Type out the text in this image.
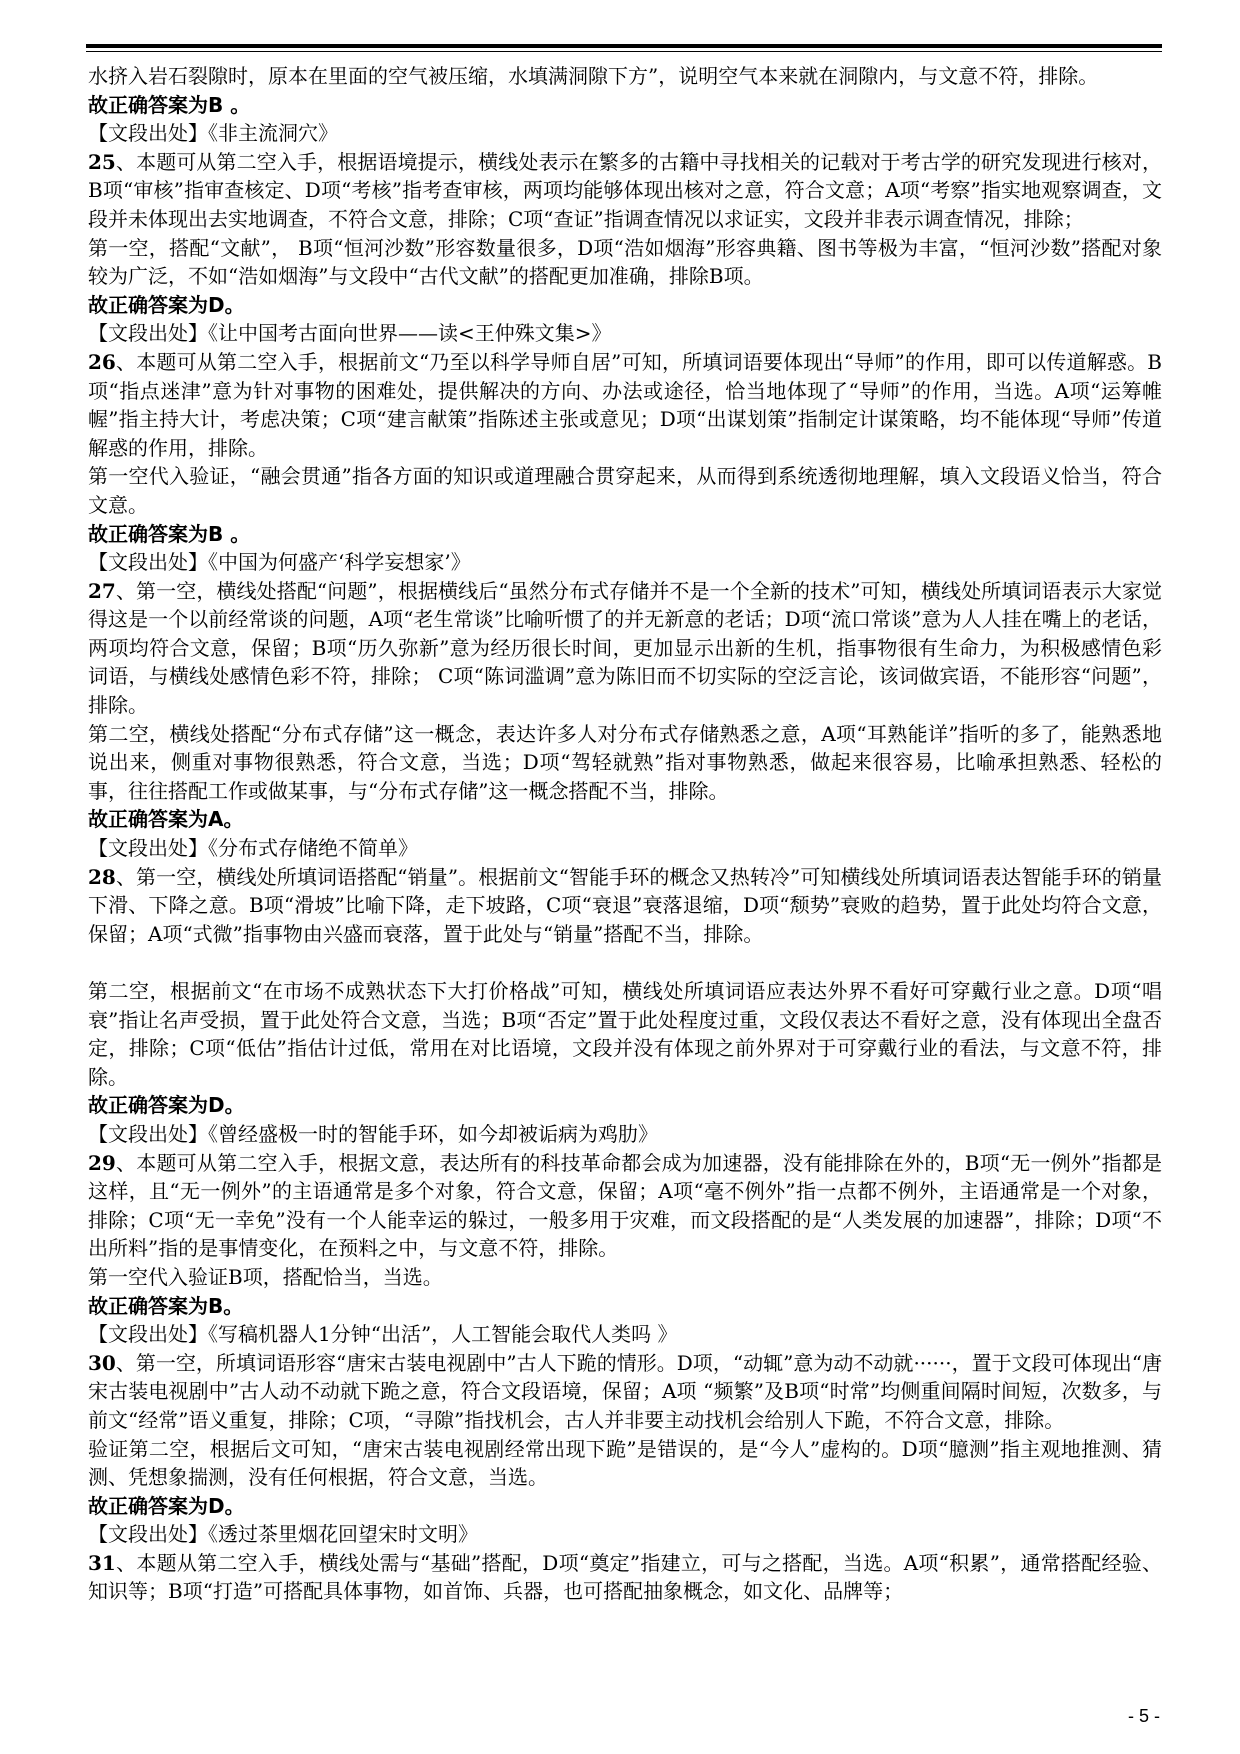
水挤入岩石裂隙时，原本在里面的空气被压缩，水填满洞隙下方”，说明空气本来就在洞隙内，与文意不符，排除。
故正确答案为B 。
【文段出处】《非主流洞穴》
25、本题可从第二空入手，根据语境提示，横线处表示在繁多的古籍中寻找相关的记载对于考古学的研究发现进行核对，B项“审核”指审查核定、D项“考核”指考查审核，两项均能够体现出核对之意，符合文意；A项“考察”指实地观察调查，文段并未体现出去实地调查，不符合文意，排除；C项“查证”指调查情况以求证实，文段并非表示调查情况，排除；
第一空，搭配“文献”， B项“恒河沙数”形容数量很多，D项“浩如烟海”形容典籍、图书等极为丰富，“恒河沙数”搭配对象较为广泛，不如“浩如烟海”与文段中“古代文献”的搭配更加准确，排除B项。
故正确答案为D。
【文段出处】《让中国考古面向世界——读<王仲殊文集>》
26、本题可从第二空入手，根据前文“乃至以科学导师自居”可知，所填词语要体现出“导师”的作用，即可以传道解惑。B项“指点迷津”意为针对事物的困难处，提供解决的方向、办法或途径，恰当地体现了“导师”的作用，当选。A项“运筹帷幄”指主持大计，考虑决策；C项“建言献策”指陈述主张或意见；D项“出谋划策”指制定计谋策略，均不能体现“导师”传道解惑的作用，排除。
第一空代入验证，“融会贯通”指各方面的知识或道理融合贯穿起来，从而得到系统透彻地理解，填入文段语义恰当，符合文意。
故正确答案为B 。
【文段出处】《中国为何盛产‘科学妄想家’》
27、第一空，横线处搭配“问题”，根据横线后“虽然分布式存储并不是一个全新的技术”可知，横线处所填词语表示大家觉得这是一个以前经常谈的问题，A项“老生常谈”比喻听惯了的并无新意的老话；D项“流口常谈”意为人人挂在嘴上的老话，两项均符合文意，保留；B项“历久弥新”意为经历很长时间，更加显示出新的生机，指事物很有生命力，为积极感情色彩词语，与横线处感情色彩不符，排除； C项“陈词滥调”意为陈旧而不切实际的空泛言论，该词做宾语，不能形容“问题”，排除。
第二空，横线处搭配“分布式存储”这一概念，表达许多人对分布式存储熟悉之意，A项“耳熟能详”指听的多了，能熟悉地说出来，侧重对事物很熟悉，符合文意，当选；D项“驾轻就熟”指对事物熟悉，做起来很容易，比喻承担熟悉、轻松的事，往往搭配工作或做某事，与“分布式存储”这一概念搭配不当，排除。
故正确答案为A。
【文段出处】《分布式存储绝不简单》
28、第一空，横线处所填词语搭配“销量”。根据前文“智能手环的概念又热转冷”可知横线处所填词语表达智能手环的销量下滑、下降之意。B项“滑坡”比喻下降，走下坡路，C项“衰退”衰落退缩，D项“颓势”衰败的趋势，置于此处均符合文意，保留；A项“式微”指事物由兴盛而衰落，置于此处与“销量”搭配不当，排除。
第二空，根据前文“在市场不成熟状态下大打价格战”可知，横线处所填词语应表达外界不看好可穿戴行业之意。D项“唱衰”指让名声受损，置于此处符合文意，当选；B项“否定”置于此处程度过重，文段仅表达不看好之意，没有体现出全盘否定，排除；C项“低估”指估计过低，常用在对比语境，文段并没有体现之前外界对于可穿戴行业的看法，与文意不符，排除。
故正确答案为D。
【文段出处】《曾经盛极一时的智能手环，如今却被诟病为鸡肋》
29、本题可从第二空入手，根据文意，表达所有的科技革命都会成为加速器，没有能排除在外的，B项“无一例外”指都是这样，且“无一例外”的主语通常是多个对象，符合文意，保留；A项“毫不例外”指一点都不例外，主语通常是一个对象，排除；C项“无一幸免”没有一个人能幸运的躲过，一般多用于灾难，而文段搭配的是“人类发展的加速器”，排除；D项“不出所料”指的是事情变化，在预料之中，与文意不符，排除。
第一空代入验证B项，搭配恰当，当选。
故正确答案为B。
【文段出处】《写稿机器人1分钟“出活”，人工智能会取代人类吗 》
30、第一空，所填词语形容“唐宋古装电视剧中”古人下跪的情形。D项，“动辄”意为动不动就······，置于文段可体现出“唐宋古装电视剧中”古人动不动就下跪之意，符合文段语境，保留；A项 “频繁”及B项“时常”均侧重间隔时间短，次数多，与前文“经常”语义重复，排除；C项，“寻隙”指找机会，古人并非要主动找机会给别人下跪，不符合文意，排除。
验证第二空，根据后文可知，“唐宋古装电视剧经常出现下跪”是错误的，是“今人”虚构的。D项“臆测”指主观地推测、猜测、凭想象揣测，没有任何根据，符合文意，当选。
故正确答案为D。
【文段出处】《透过茶里烟花回望宋时文明》
31、本题从第二空入手，横线处需与“基础”搭配，D项“奠定”指建立，可与之搭配，当选。A项“积累”，通常搭配经验、知识等；B项“打造”可搭配具体事物，如首饰、兵器，也可搭配抽象概念，如文化、品牌等；
- 5 -
